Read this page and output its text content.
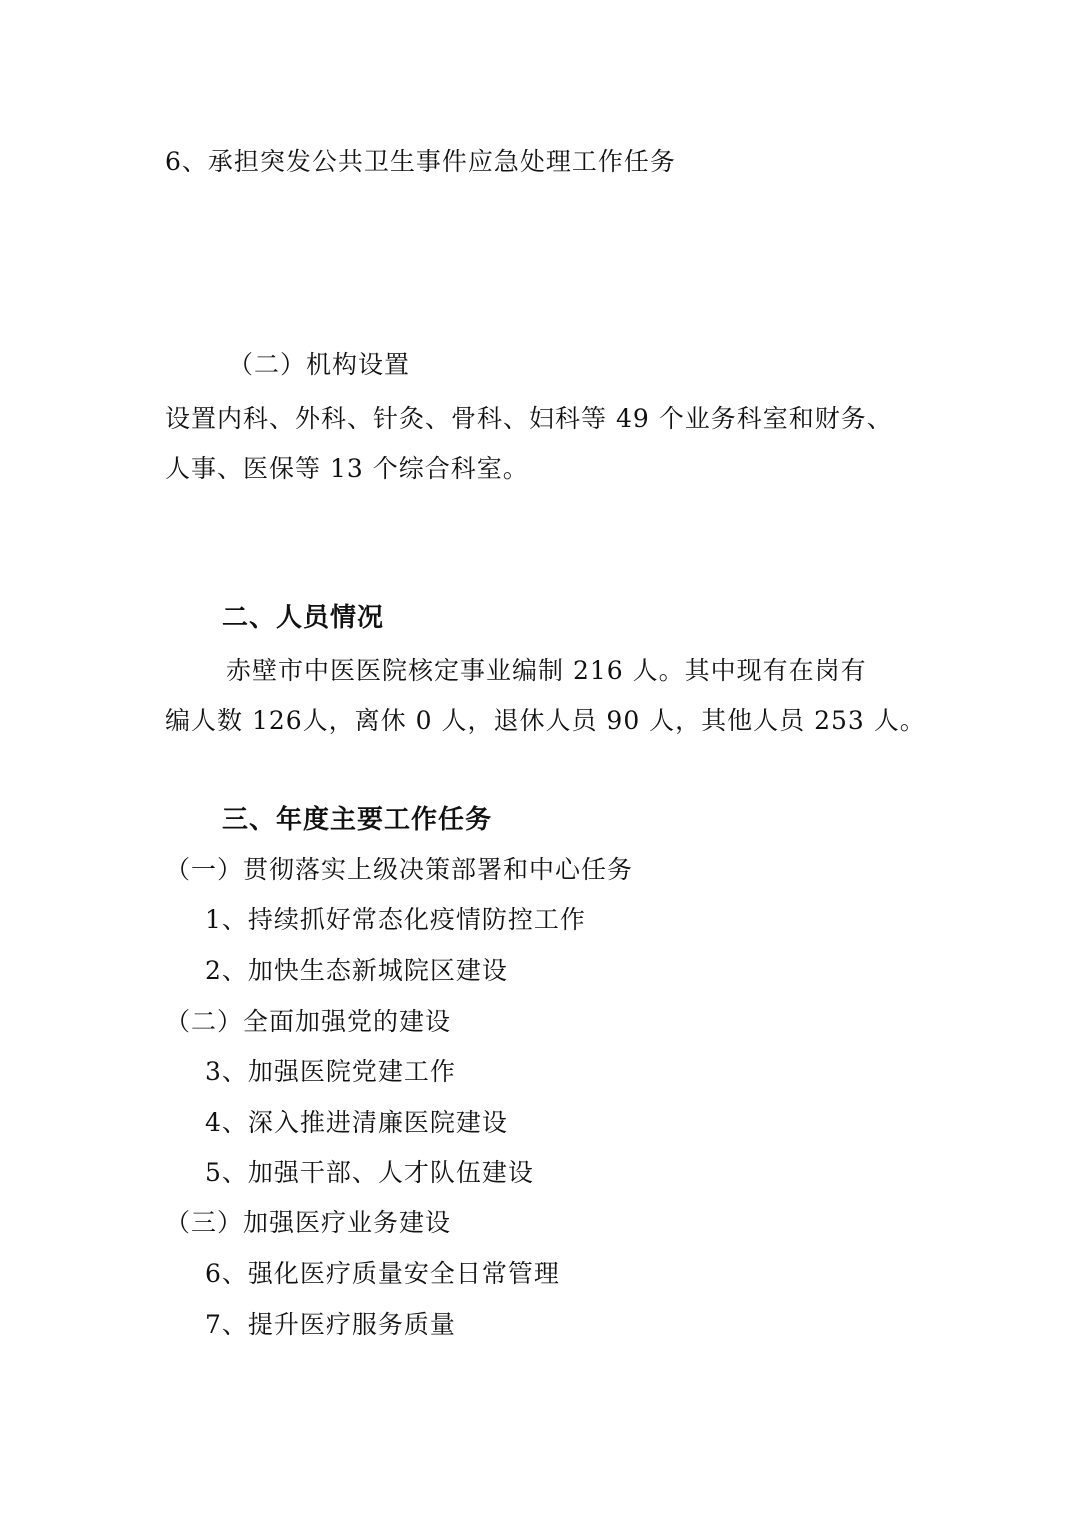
6、承担突发公共卫生事件应急处理工作任务
（二）机构设置
设置内科、外科、针灸、骨科、妇科等 49 个业务科室和财务、
人事、医保等 13 个综合科室。
二、人员情况
赤壁市中医医院核定事业编制 216 人。其中现有在岗有
编人数 126人，离休 0 人，退休人员 90 人，其他人员 253 人。
三、年度主要工作任务
（一）贯彻落实上级决策部署和中心任务
1、持续抓好常态化疫情防控工作
2、加快生态新城院区建设
（二）全面加强党的建设
3、加强医院党建工作
4、深入推进清廉医院建设
5、加强干部、人才队伍建设
（三）加强医疗业务建设
6、强化医疗质量安全日常管理
7、提升医疗服务质量
